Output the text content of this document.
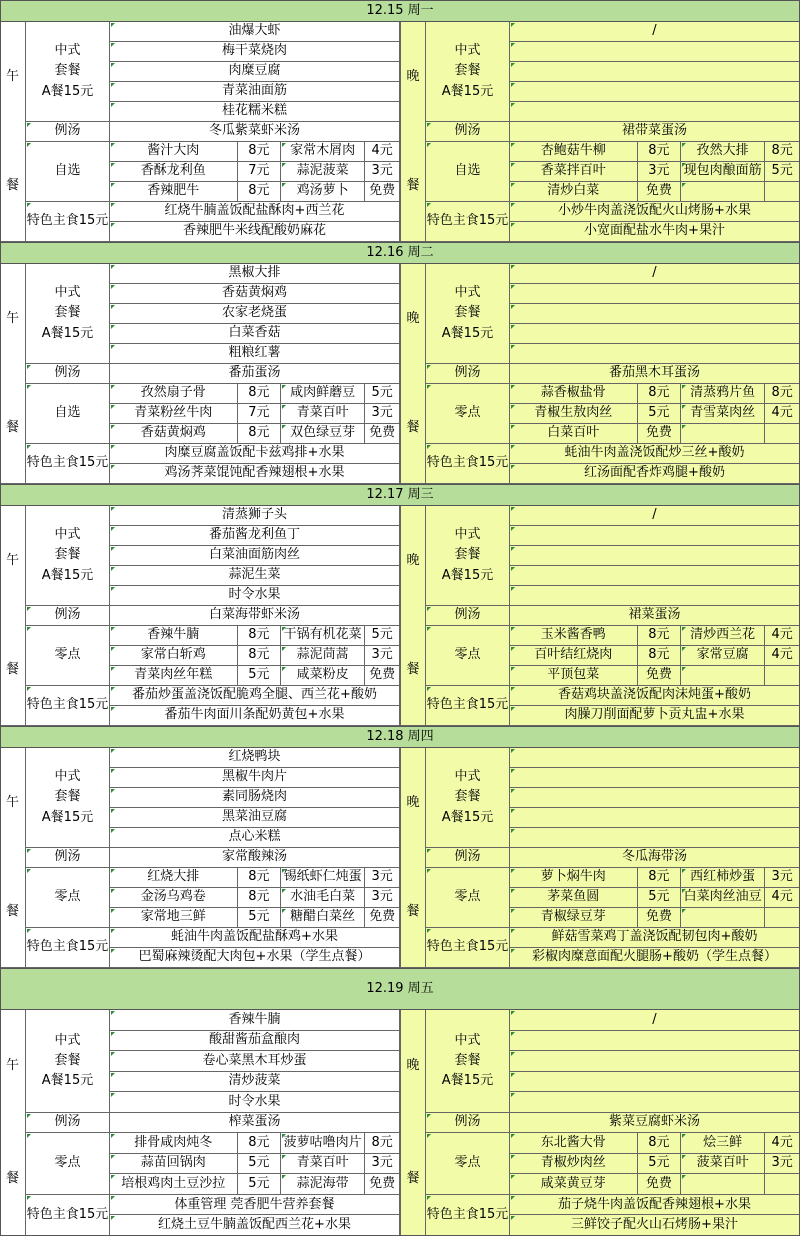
12.15 周一
午
餐
晚
餐
中式
套餐
A餐15元
油爆大虾
梅干菜烧肉
肉糜豆腐
青菜油面筋
桂花糯米糕
例汤	冬瓜紫菜虾米汤
自选
酱汁大肉	8元	家常木屑肉	4元
香酥龙利鱼	7元	蒜泥菠菜	3元
香辣肥牛	8元	鸡汤萝卜	免费
特色主食15元
红烧牛腩盖饭配盐酥肉+西兰花
香辣肥牛米线配酸奶麻花
中式
套餐
A餐15元
/
例汤	裙带菜蛋汤
自选
杏鲍菇牛柳	8元	孜然大排	8元
香菜拌百叶	3元	现包肉酿面筋 5元
清炒白菜	免费
特色主食15元
小炒牛肉盖浇饭配火山烤肠+水果
小宽面配盐水牛肉+果汁
12.16 周二
午
餐
晚
餐
中式
套餐
A餐15元
黑椒大排
香菇黄焖鸡
农家老烧蛋
白菜香菇
粗粮红薯
例汤	番茄蛋汤
自选
孜然扇子骨	8元	咸肉鲜蘑豆	5元
青菜粉丝牛肉	7元	青菜百叶	3元
香菇黄焖鸡	8元	双色绿豆芽	免费
特色主食15元
肉糜豆腐盖饭配卡兹鸡排+水果
鸡汤荠菜馄饨配香辣翅根+水果
中式
套餐
A餐15元
/
例汤	番茄黑木耳蛋汤
零点
蒜香椒盐骨	8元	清蒸鸦片鱼	8元
青椒生敖肉丝	5元	青雪菜肉丝	4元
白菜百叶	免费
特色主食15元
蚝油牛肉盖浇饭配炒三丝+酸奶
红汤面配香炸鸡腿+酸奶
12.17 周三
午
餐
晚
餐
中式
套餐
A餐15元
清蒸狮子头
番茄酱龙利鱼丁
白菜油面筋肉丝
蒜泥生菜
时令水果
例汤	白菜海带虾米汤
零点
香辣牛腩	8元	干锅有机花菜 5元
家常白斩鸡	8元	蒜泥茼蒿	3元
青菜肉丝年糕	5元	咸菜粉皮	免费
特色主食15元
番茄炒蛋盖浇饭配脆鸡全腿、西兰花+酸奶
番茄牛肉面川条配奶黄包+水果
中式
套餐
A餐15元
/
例汤	裙菜蛋汤
零点
玉米酱香鸭	8元	清炒西兰花	4元
百叶结红烧肉	8元	家常豆腐	4元
平顶包菜	免费
特色主食15元
香菇鸡块盖浇饭配肉沫炖蛋+酸奶
肉臊刀削面配萝卜贡丸盅+水果
12.18 周四
午
餐
晚
餐
中式
套餐
A餐15元
红烧鸭块
黑椒牛肉片
素同肠烧肉
黑菜油豆腐
点心米糕
例汤	家常酸辣汤
零点
红烧大排	8元	锡纸虾仁炖蛋 3元
金汤乌鸡卷	8元	水油毛白菜	3元
家常地三鲜	5元	糖醋白菜丝	免费
特色主食15元
蚝油牛肉盖饭配盐酥鸡+水果
巴蜀麻辣烫配大肉包+水果（学生点餐）
中式
套餐
A餐15元
例汤	冬瓜海带汤
零点
萝卜焖牛肉	8元	西红柿炒蛋	3元
茅菜鱼圆	5元	白菜肉丝油豆 4元
青椒绿豆芽	免费
特色主食15元
鲜菇雪菜鸡丁盖浇饭配韧包肉+酸奶
彩椒肉糜意面配火腿肠+酸奶（学生点餐）
12.19 周五
午
餐
晚
餐
中式
套餐
A餐15元
香辣牛腩
酸甜酱茄盒酿肉
卷心菜黑木耳炒蛋
清炒菠菜
时令水果
例汤	榨菜蛋汤
零点
排骨咸肉炖冬	8元	菠萝咕噜肉片 8元
蒜苗回锅肉	5元	青菜百叶	3元
培根鸡肉土豆沙拉	5元	蒜泥海带	免费
特色主食15元
体重管理 莞香肥牛营养套餐
红烧土豆牛腩盖饭配西兰花+水果
中式
套餐
A餐15元
/
例汤	紫菜豆腐虾米汤
零点
东北酱大骨	8元	烩三鲜	4元
青椒炒肉丝	5元	菠菜百叶	3元
咸菜黄豆芽	免费
特色主食15元
茄子烧牛肉盖饭配香辣翅根+水果
三鲜饺子配火山石烤肠+果汁
